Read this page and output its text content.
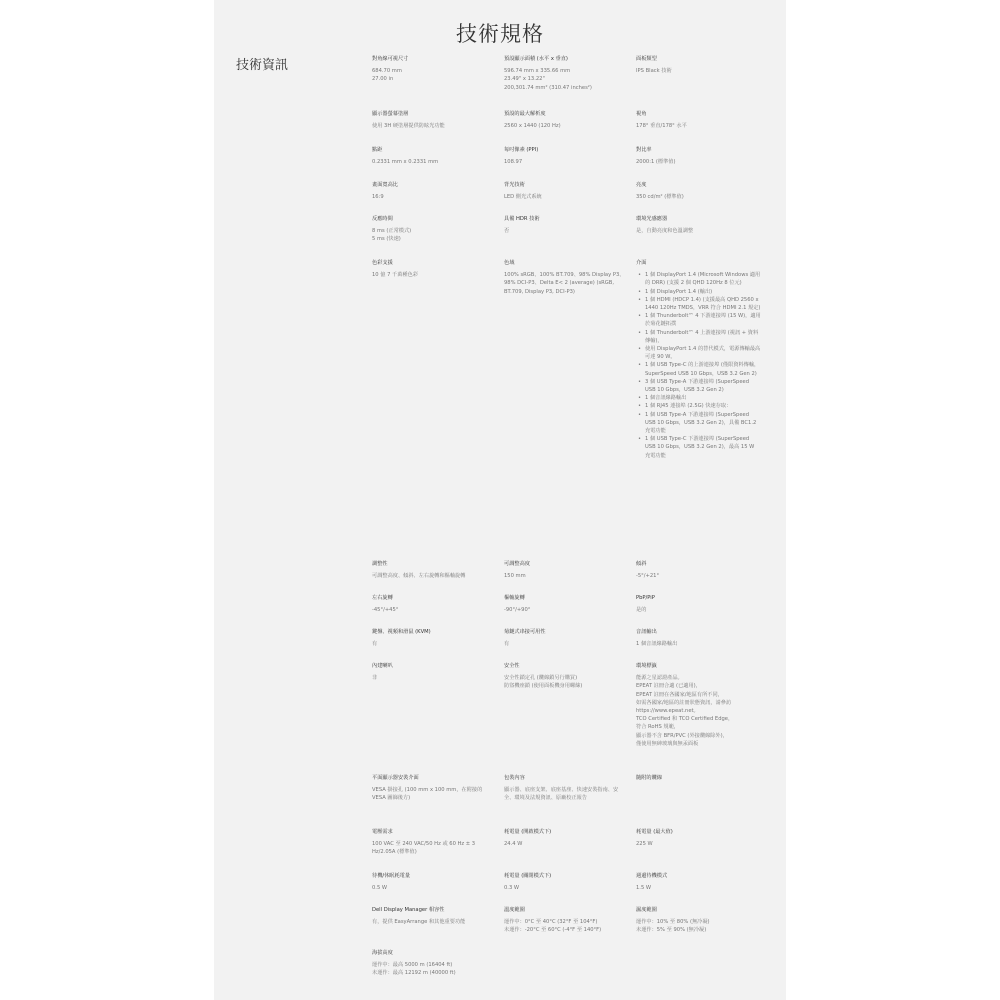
技術規格
技術資訊	對角線可視尺寸
684.70 mm
27.00 in
預設顯示面積 (水平 x 垂直)
596.74 mm x 335.66 mm
23.49" x 13.22"
200,301.74 mm² (310.47 inches²)
面板類型
IPS Black 技術
顯示器螢幕塗層
使用 3H 硬塗層提供防眩光功能
預設的最大解析度
2560 x 1440 (120 Hz)
視角
178° 垂直/178° 水平
點距
0.2331 mm x 0.2331 mm
每吋像素 (PPI)
108.97
對比率
2000:1 (標準值)
畫面寬高比
16:9
背光技術
LED 側光式系統
亮度
350 cd/m² (標準值)
反應時間
8 ms (正常模式)
5 ms (快速)
具備 HDR 技術
否
環境光感應器
是，自動亮度和色溫調整
色彩支援
10 億 7 千萬種色彩
色域
100% sRGB、100% BT.709、98% Display P3、98% DCI-P3、Delta E< 2 (average) (sRGB, BT.709, Display P3, DCI-P3)
介面
• 1 個 DisplayPort 1.4 (Microsoft Windows 適用的 DRR) (支援 2 個 QHD 120Hz 8 位元)
• 1 個 DisplayPort 1.4 (輸出)
• 1 個 HDMI (HDCP 1.4) (支援最高 QHD 2560 x 1440 120Hz TMDS，VRR 符合 HDMI 2.1 規定)
• 1 個 Thunderbolt™ 4 下游連接埠 (15 W)，適用於菊花鏈拓撲
• 1 個 Thunderbolt™ 4 上游連接埠 (視訊 + 資料傳輸)，
• 使用 DisplayPort 1.4 的替代模式，電源傳輸最高可達 90 W。
• 1 個 USB Type-C 的上游連接埠 (僅限資料傳輸，SuperSpeed USB 10 Gbps，USB 3.2 Gen 2)
• 3 個 USB Type-A 下游連接埠 (SuperSpeed USB 10 Gbps，USB 3.2 Gen 2)
• 1 個音訊線路輸出
• 1 個 RJ45 連接埠 (2.5G) 快速存取：
• 1 個 USB Type-A 下游連接埠 (SuperSpeed USB 10 Gbps，USB 3.2 Gen 2)，具備 BC1.2 充電功能
• 1 個 USB Type-C 下游連接埠 (SuperSpeed USB 10 Gbps，USB 3.2 Gen 2)，最高 15 W 充電功能
調整性
可調整高度、傾斜、左右旋轉和樞軸旋轉
可調整高度
150 mm
傾斜
-5°/+21°
左右旋轉
-45°/+45°
樞軸旋轉
-90°/+90°
PbP/PiP
是的
鍵盤、視頻和滑鼠 (KVM)
有
菊鏈式串接可用性
有
音訊輸出
1 個音訊線路輸出
內建喇叭
非
安全性
安全性鎖定孔 (纜線鎖另行購買)
防盜機座鎖 (使用面板機身用螺絲)
環境標籤
能源之星認證產品。
EPEAT 註冊合適 (已適用)，
EPEAT 註冊在各國家/地區有所不同，
如需各國家/地區的註冊狀態資訊，請參訪
https://www.epeat.net。
TCO Certified 和 TCO Certified Edge，
符合 RoHS 規範，
顯示器不含 BFR/PVC (外接纜線除外)，
僅使用無砷玻璃與無汞面板
平面顯示器安裝介面
VESA 掛接孔 (100 mm x 100 mm，在附接的 VESA 圖篩後方)
包裝內容
顯示器、底座支架、底座基座、快速安裝指南、安全、環境及法規資訊、原廠校正報告
隨附的纜線
電壓需求
100 VAC 至 240 VAC/50 Hz 或 60 Hz ± 3 Hz/2.05A (標準值)
耗電量 (開啟模式下)
24.4 W
耗電量 (最大值)
225 W
待機/休眠耗電量
0.5 W
耗電量 (關閉模式下)
0.3 W
週邊待機模式
1.5 W
Dell Display Manager 相容性
有，提供 EasyArrange 和其他重要功能
溫度範圍
運作中：0°C 至 40°C (32°F 至 104°F)
未運作：-20°C 至 60°C (-4°F 至 140°F)
濕度範圍
運作中：10% 至 80% (無冷凝)
未運作：5% 至 90% (無冷凝)
海拔高度
運作中：最高 5000 m (16404 ft)
未運作：最高 12192 m (40000 ft)
